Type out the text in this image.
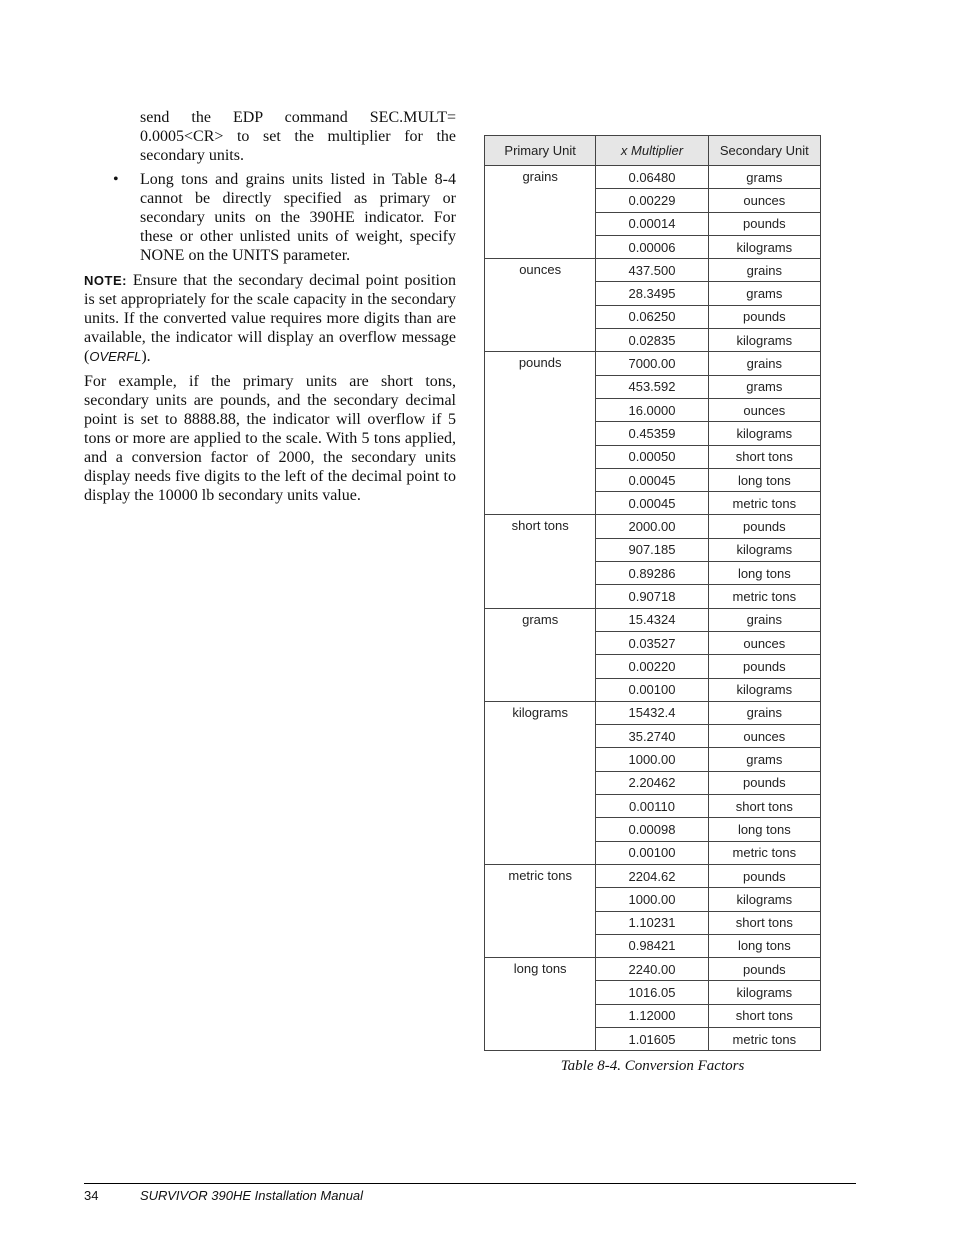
send the EDP command SEC.MULT= 0.0005<CR> to set the multiplier for the secondary units.

• Long tons and grains units listed in Table 8-4 cannot be directly specified as primary or secondary units on the 390HE indicator. For these or other unlisted units of weight, specify NONE on the UNITS parameter.

NOTE: Ensure that the secondary decimal point position is set appropriately for the scale capacity in the secondary units. If the converted value requires more digits than are available, the indicator will display an overflow message (OVERFL).

For example, if the primary units are short tons, secondary units are pounds, and the secondary decimal point is set to 8888.88, the indicator will overflow if 5 tons or more are applied to the scale. With 5 tons applied, and a conversion factor of 2000, the secondary units display needs five digits to the left of the decimal point to display the 10000 lb secondary units value.

Primary Unit	x Multiplier	Secondary Unit
grains	0.06480	grams
	0.00229	ounces
	0.00014	pounds
	0.00006	kilograms
ounces	437.500	grains
	28.3495	grams
	0.06250	pounds
	0.02835	kilograms
pounds	7000.00	grains
	453.592	grams
	16.0000	ounces
	0.45359	kilograms
	0.00050	short tons
	0.00045	long tons
	0.00045	metric tons
short tons	2000.00	pounds
	907.185	kilograms
	0.89286	long tons
	0.90718	metric tons
grams	15.4324	grains
	0.03527	ounces
	0.00220	pounds
	0.00100	kilograms
kilograms	15432.4	grains
	35.2740	ounces
	1000.00	grams
	2.20462	pounds
	0.00110	short tons
	0.00098	long tons
	0.00100	metric tons
metric tons	2204.62	pounds
	1000.00	kilograms
	1.10231	short tons
	0.98421	long tons
long tons	2240.00	pounds
	1016.05	kilograms
	1.12000	short tons
	1.01605	metric tons
Table 8-4. Conversion Factors
34	SURVIVOR 390HE Installation Manual
